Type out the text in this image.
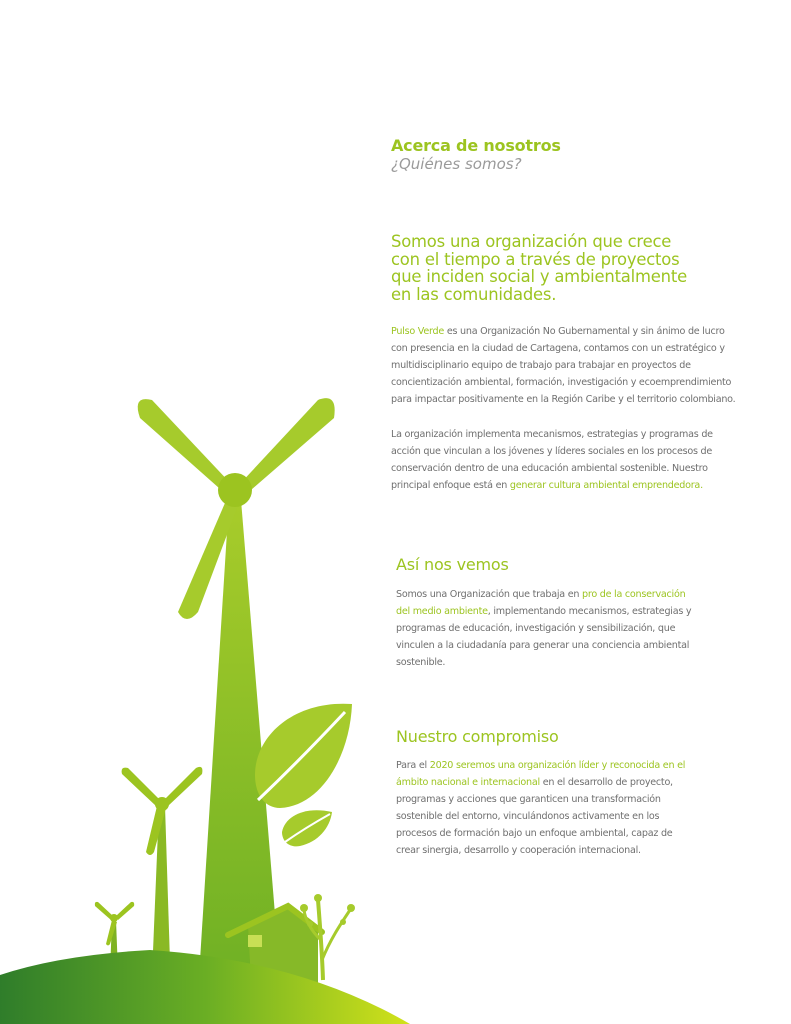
Acerca de nosotros
¿Quiénes somos?
Somos una organización que crece
con el tiempo a través de proyectos
que inciden social y ambientalmente
en las comunidades.

Pulso Verde es una Organización No Gubernamental y sin ánimo de lucro
con presencia en la ciudad de Cartagena, contamos con un estratégico y
multidisciplinario equipo de trabajo para trabajar en proyectos de
concientización ambiental, formación, investigación y ecoemprendimiento
para impactar positivamente en la Región Caribe y el territorio colombiano.

La organización implementa mecanismos, estrategias y programas de
acción que vinculan a los jóvenes y líderes sociales en los procesos de
conservación dentro de una educación ambiental sostenible. Nuestro
principal enfoque está en generar cultura ambiental emprendedora.

Así nos vemos

Somos una Organización que trabaja en pro de la conservación
del medio ambiente, implementando mecanismos, estrategias y
programas de educación, investigación y sensibilización, que
vinculen a la ciudadanía para generar una conciencia ambiental
sostenible.

Nuestro compromiso

Para el 2020 seremos una organización líder y reconocida en el
ámbito nacional e internacional en el desarrollo de proyecto,
programas y acciones que garanticen una transformación
sostenible del entorno, vinculándonos activamente en los
procesos de formación bajo un enfoque ambiental, capaz de
crear sinergia, desarrollo y cooperación internacional.
